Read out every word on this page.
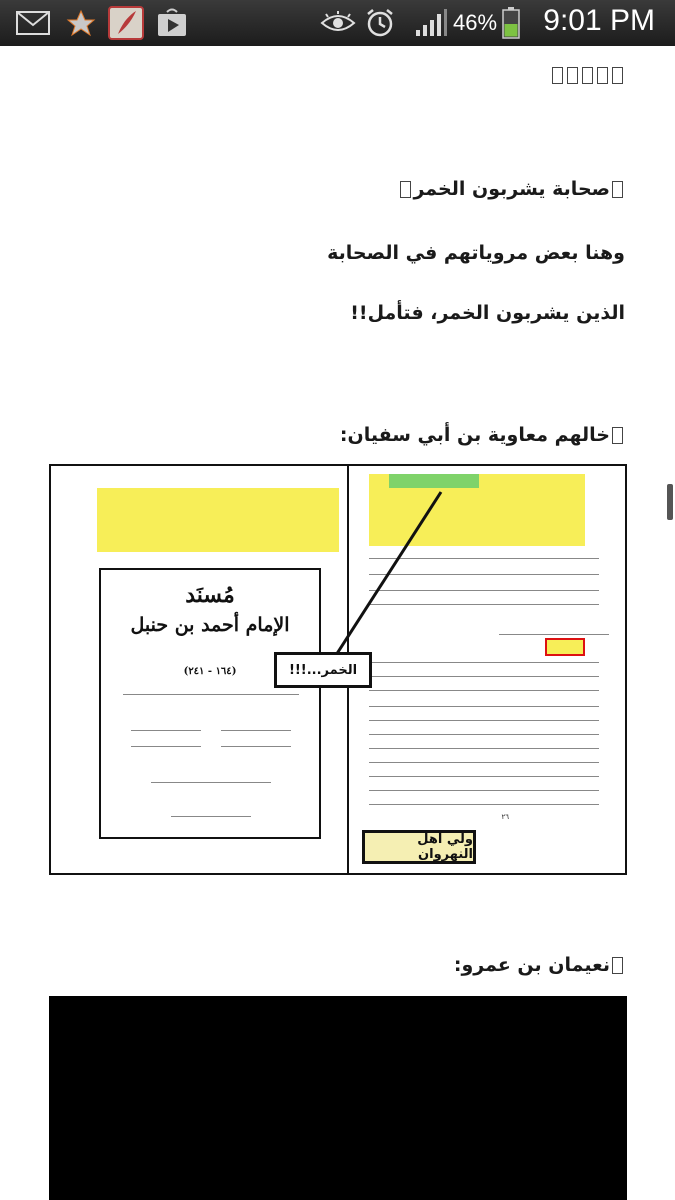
46% 9:01 PM
صحابة يشربون الخمر
وهنا بعض مروياتهم في الصحابة
الذين يشربون الخمر، فتأمل!!
خالهم معاوية بن أبي سفيان:
مُسنَد
الإمام أحمد بن حنبل
(١٦٤ - ٢٤١)
٢٦
الخمر...!!!
ولي أهل النهروان
نعيمان بن عمرو:
